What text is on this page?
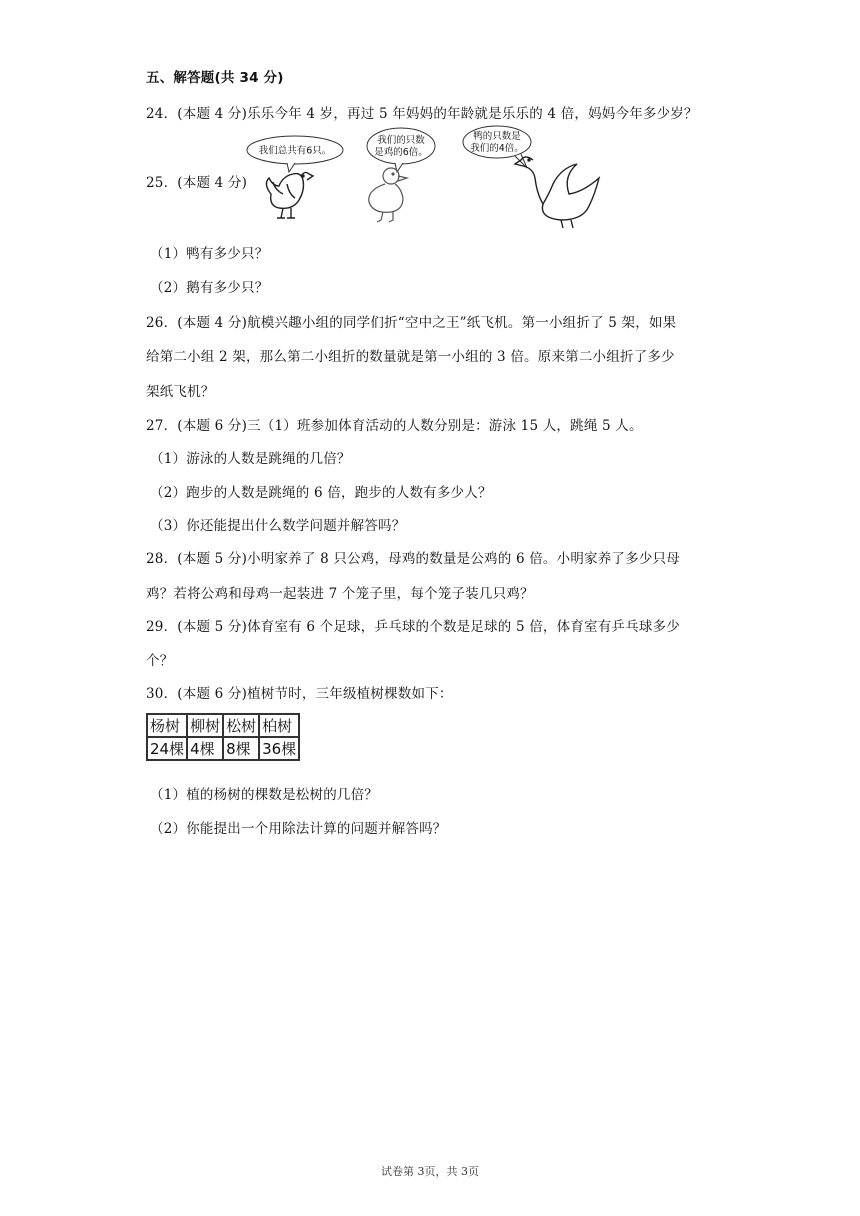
五、解答题(共 34 分)
24．(本题 4 分)乐乐今年 4 岁，再过 5 年妈妈的年龄就是乐乐的 4 倍，妈妈今年多少岁？
25．(本题 4 分)
我们总共有6只。
我们的只数
是鸡的6倍。
鸭的只数是
我们的4倍。
（1）鸭有多少只？
（2）鹅有多少只？
26．(本题 4 分)航模兴趣小组的同学们折“空中之王”纸飞机。第一小组折了 5 架，如果
给第二小组 2 架，那么第二小组折的数量就是第一小组的 3 倍。原来第二小组折了多少
架纸飞机？
27．(本题 6 分)三（1）班参加体育活动的人数分别是：游泳 15 人，跳绳 5 人。
（1）游泳的人数是跳绳的几倍？
（2）跑步的人数是跳绳的 6 倍，跑步的人数有多少人？
（3）你还能提出什么数学问题并解答吗？
28．(本题 5 分)小明家养了 8 只公鸡，母鸡的数量是公鸡的 6 倍。小明家养了多少只母
鸡？若将公鸡和母鸡一起装进 7 个笼子里，每个笼子装几只鸡？
29．(本题 5 分)体育室有 6 个足球，乒乓球的个数是足球的 5 倍，体育室有乒乓球多少
个？
30．(本题 6 分)植树节时，三年级植树棵数如下：
杨树	柳树	松树	柏树
24棵	4棵	8棵	36棵
（1）植的杨树的棵数是松树的几倍？
（2）你能提出一个用除法计算的问题并解答吗？
试卷第 3页，共 3页
